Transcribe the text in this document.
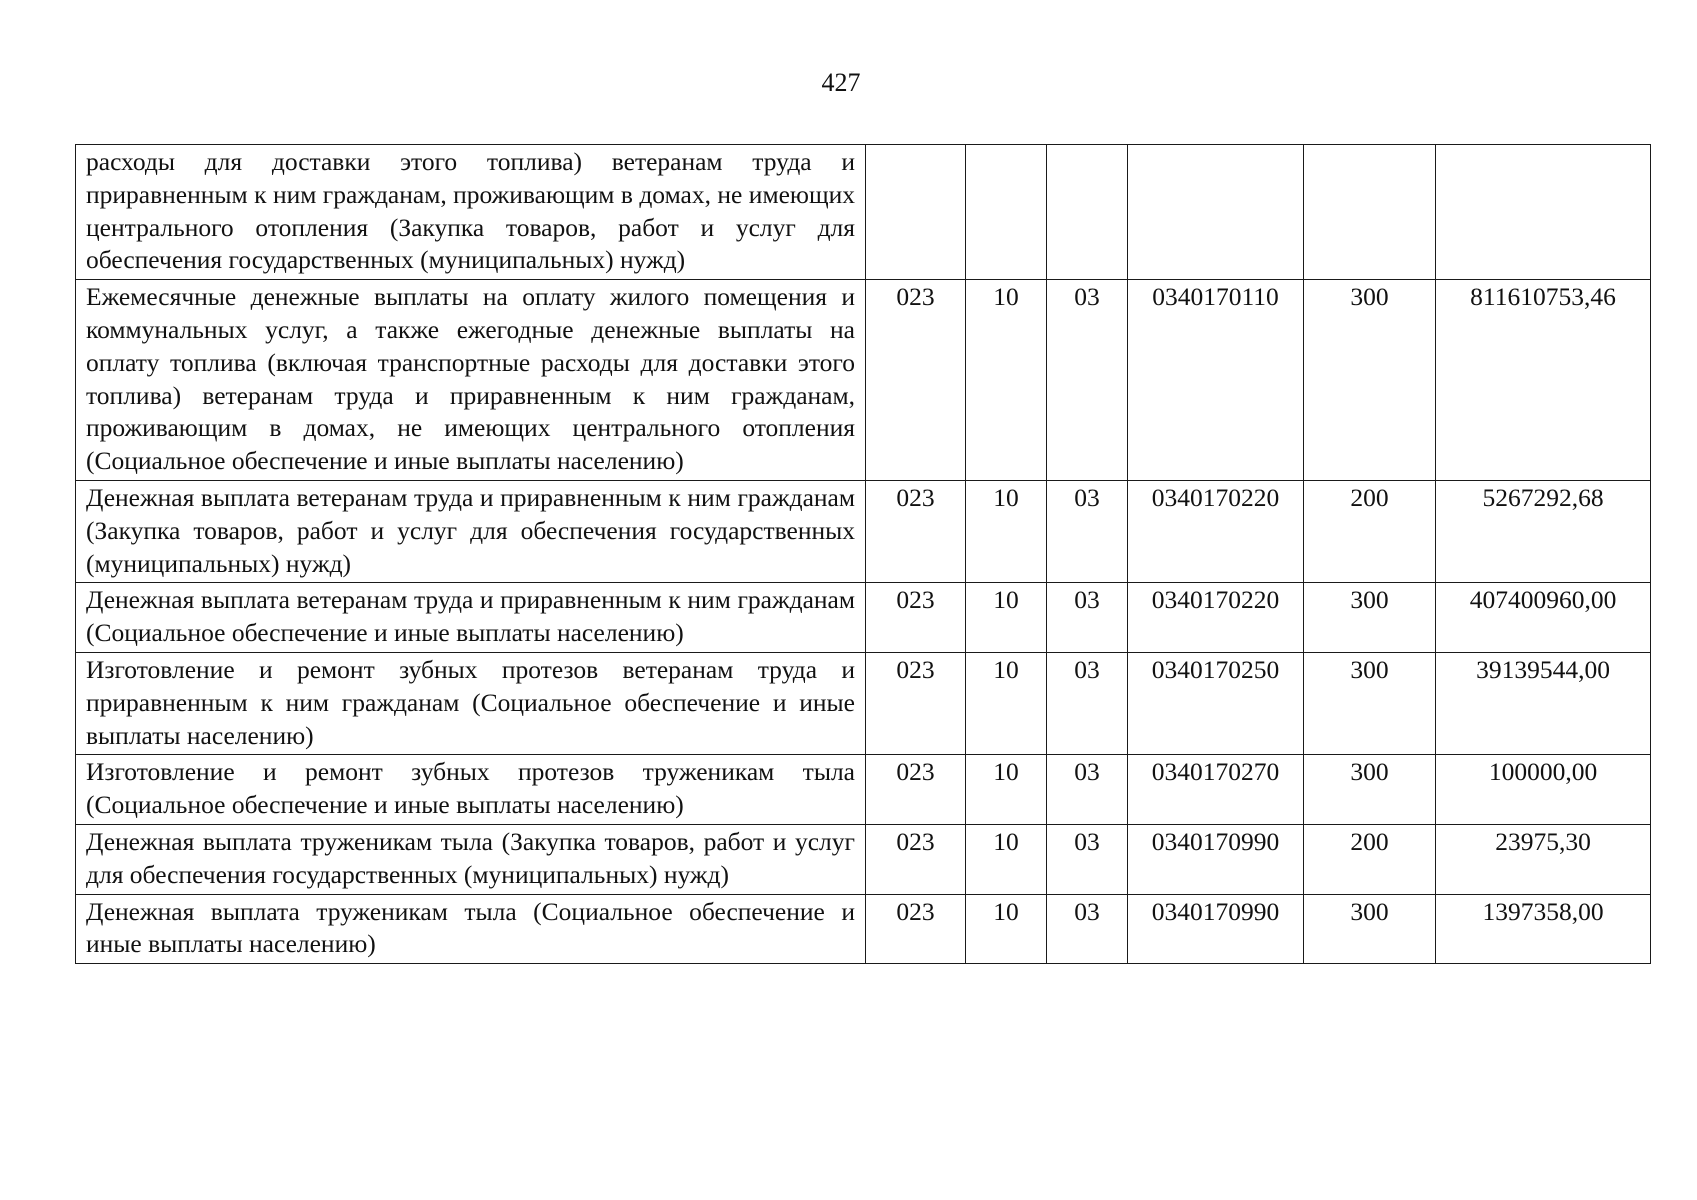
427
расходы для доставки этого топлива) ветеранам труда и приравненным к ним гражданам, проживающим в домах, не имеющих центрального отопления (Закупка товаров, работ и услуг для обеспечения государственных (муниципальных) нужд)						
Ежемесячные денежные выплаты на оплату жилого помещения и коммунальных услуг, а также ежегодные денежные выплаты на оплату топлива (включая транспортные расходы для доставки этого топлива) ветеранам труда и приравненным к ним гражданам, проживающим в домах, не имеющих центрального отопления (Социальное обеспечение и иные выплаты населению)	023	10	03	0340170110	300	811610753,46
Денежная выплата ветеранам труда и приравненным к ним гражданам (Закупка товаров, работ и услуг для обеспечения государственных (муниципальных) нужд)	023	10	03	0340170220	200	5267292,68
Денежная выплата ветеранам труда и приравненным к ним гражданам (Социальное обеспечение и иные выплаты населению)	023	10	03	0340170220	300	407400960,00
Изготовление и ремонт зубных протезов ветеранам труда и приравненным к ним гражданам (Социальное обеспечение и иные выплаты населению)	023	10	03	0340170250	300	39139544,00
Изготовление и ремонт зубных протезов труженикам тыла (Социальное обеспечение и иные выплаты населению)	023	10	03	0340170270	300	100000,00
Денежная выплата труженикам тыла (Закупка товаров, работ и услуг для обеспечения государственных (муниципальных) нужд)	023	10	03	0340170990	200	23975,30
Денежная выплата труженикам тыла (Социальное обеспечение и иные выплаты населению)	023	10	03	0340170990	300	1397358,00
